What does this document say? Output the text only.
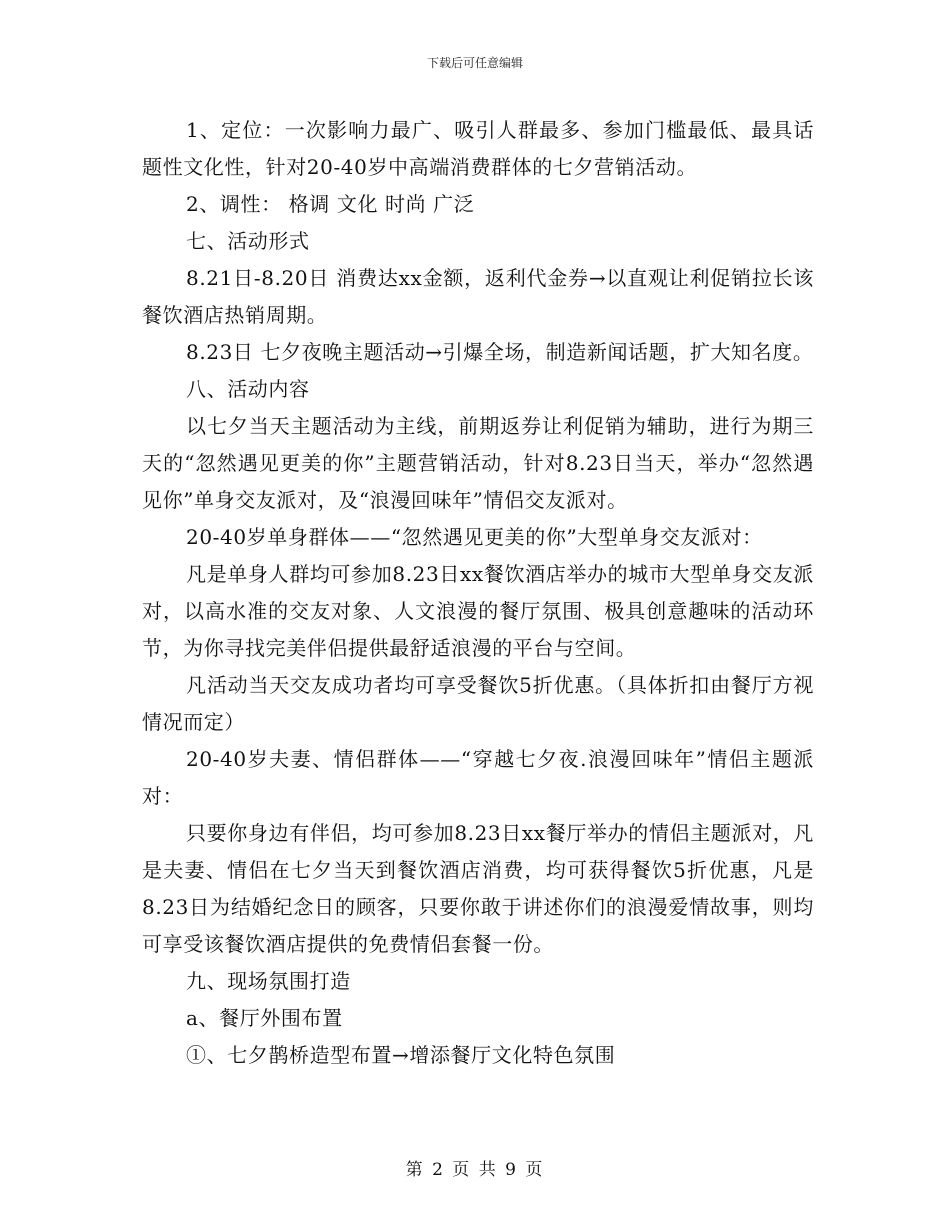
下载后可任意编辑

1、定位：一次影响力最广、吸引人群最多、参加门槛最低、最具话题性文化性，针对20-40岁中高端消费群体的七夕营销活动。

2、调性： 格调 文化 时尚 广泛

七、活动形式

8.21日-8.20日 消费达xx金额，返利代金券→以直观让利促销拉长该餐饮酒店热销周期。

8.23日 七夕夜晚主题活动→引爆全场，制造新闻话题，扩大知名度。

八、活动内容

以七夕当天主题活动为主线，前期返券让利促销为辅助，进行为期三天的“忽然遇见更美的你”主题营销活动，针对8.23日当天，举办“忽然遇见你”单身交友派对，及“浪漫回味年”情侣交友派对。

20-40岁单身群体——“忽然遇见更美的你”大型单身交友派对：

凡是单身人群均可参加8.23日xx餐饮酒店举办的城市大型单身交友派对，以高水准的交友对象、人文浪漫的餐厅氛围、极具创意趣味的活动环节，为你寻找完美伴侣提供最舒适浪漫的平台与空间。

凡活动当天交友成功者均可享受餐饮5折优惠。（具体折扣由餐厅方视情况而定）

20-40岁夫妻、情侣群体——“穿越七夕夜.浪漫回味年”情侣主题派对：

只要你身边有伴侣，均可参加8.23日xx餐厅举办的情侣主题派对，凡是夫妻、情侣在七夕当天到餐饮酒店消费，均可获得餐饮5折优惠，凡是8.23日为结婚纪念日的顾客，只要你敢于讲述你们的浪漫爱情故事，则均可享受该餐饮酒店提供的免费情侣套餐一份。

九、现场氛围打造

a、餐厅外围布置

①、七夕鹊桥造型布置→增添餐厅文化特色氛围

第 2 页 共 9 页
